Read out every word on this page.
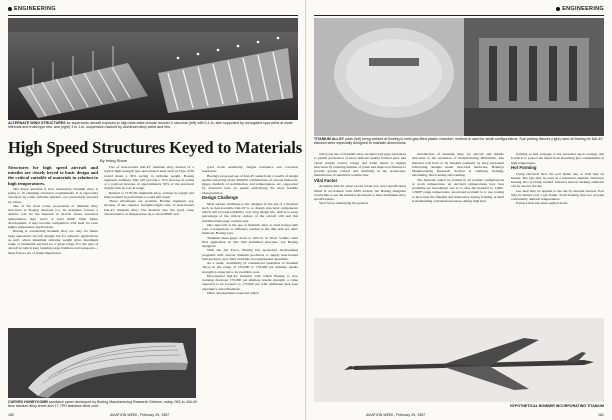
ENGINEERING
ALTERNATE WING STRUCTURES for supersonic aircraft exposed to high heat rates include Inconel-X structure (left) with 0.1-in. skin supported by corrugated spar webs at close intervals and truss-type ribs, and (right) 4 to 1-in. suspension backed by aluminum alloy webs and ribs.
High Speed Structures Keyed to Materials
By Irving Stone

Structures for high speed aircraft and missiles are closely keyed to basic design and the critical variable of materials in relation to high temperatures.

One major question is how extensively titanium alloy is going to fit changing structural requirements. It is rigorously advanced by some airframe builders, not particularly stressed by others.

One of the most active proponents of titanium alloy structures is Boeing Airplane Co. Its designers foresee a distinct role for the material in aircraft where structural temperatures may reach at least 600F. With future development, it may become competitive with steel for even higher temperature applications.

Boeing is considering titanium alloy not only for future large supersonic aircraft designs but for subsonic applications as well, where minimum airframe weight gives maximum range or maximum payload for a given range. For the type of aircraft in which long loitering-large bombers and transports—these factors are of prime importance.

Use of heat-treated 6Al-4V titanium alloy instead of a typical high-strength type heat-treated steel such as Type 4130 would mean a 30% saving in airframe weight, Boeing engineers estimate. This will provide a 15% increase in radius or a payload increase of approximately 30% of the structural weight with no loss in range.

Related to 7178-T6 aluminum alloy, savings in weight and improvement in performance would still result.

These advantages are possible, Boeing engineers say, because of the superior strength/weight ratio of heat-treated 6Al-4V titanium alloy. The material also has good creep characteristics at temperatures up to about 800F, and

good notch sensitivity, fatigue resistance and corrosion resistance.

Boeing's proposed use of 6Al-4V stems from a wealth of design studies involving about 300,000 combinations of various materials, gages, methods of stabilization, and temperatures, etc., supported by structural tests on panels embodying the most feasible characteristics.

Design Challenge

Most serious challenge to the designer in the use of a material such as heat-treatable 6Al-4V is to design structural components which will provide reliability over long design life. Aim is to keep percentage of the critical surface of the aircraft still and this stabilized thin-gage construction.

One approach is the use of titanium alloy or steel honeycomb core. Corrugations or stiffeners welded to the thin skin are other methods. Boeing says.

Titanium sheet-gages down to .005 in. in 36-in. widths could find application in this thin stabilized structure, say Boeing designers.

With the Air Force, Boeing has sponsored development programs with various titanium producers to supply heat-treated mill products, now fully available in experimental quantities.

As a result, availability of commercial quantities of titanium alloys in the range of 150,000 to 170,000 psi ultimate tensile strength is expected to be available soon.

Heat-treated 6Al-4V material with which Boeing is now working develops 170,000 psi ultimate tensile strength; a value expected to be boosted to 175,000 psi with additional heat-treat experience and refinement.

Other developments expected which

CURVED HONEYCOMB sandwich panel developed by Boeing Manufacturing Research Division, using .052-in. 6Al-4V face titanium alloy sheet and 17-7PH stainless steel core.
180	AVIATION WEEK, February 25, 1957
ENGINEERING
TITANIUM ALLOY parts (left) being welded at Boeing in inert-gas-filled plastic chamber; method is used for small configurations. Sub parting fixtures (right) used at Boeing for 6Al-4V titanium were especially designed to maintain dimensions.

will boost use of titanium alloy are improved gage tolerances to permit production of more uniform quality formed parts and closer weight control, longer and wider sheets to lighten structures by reducing number of joints and improved fixtures to provide greater control and reliability in the production, manufacture of sandwich construction.

Vital Factor

Available 6Al-4V sheet stocks retain low steel specification limits in accordance with AMS 2242A, but Boeing designers would like to see the material developed to meet aluminum alloy specifications.

Vital factor underlying the general

introduction of titanium alloy for aircraft and missile structures is the resolution of manufacturing difficulties. The material will have to be handled routinely by shop personnel fabricating designs under structural hardware. Boeing's Manufacturing Research Section is studying forming, machining, heat treating and welding.

The material cannot be formed in all normal configurations at room temperature. At elevated temperatures how best problems are introduced; one is to raise the material to 1,000–1,300F range temperature; associated problem is to use tooling to heat-treat the finished and maintain it during forming. A third is maintaining oversized tolerances during high heat

forming so that warpage is not excessive upon cooling, and fourth is to protect the metal from absorbing gas contaminants at high temperature.

Hot Forming

Using electrical heat, the part blank, die, or both may be heated. The part may be used as a resistance element. Induction heating also is being studied. Infrared electric heating elements can be used in the die.

Gas heat may be applied to the die by internal burners. Part may be heated over a gas flame. Torch heating does not provide consistently uniform temperatures.

Furnace heat has been applied in the

HYPOTHETICAL BOMBER INCORPORATING TITANIUM
AVIATION WEEK, February 25, 1957	181
